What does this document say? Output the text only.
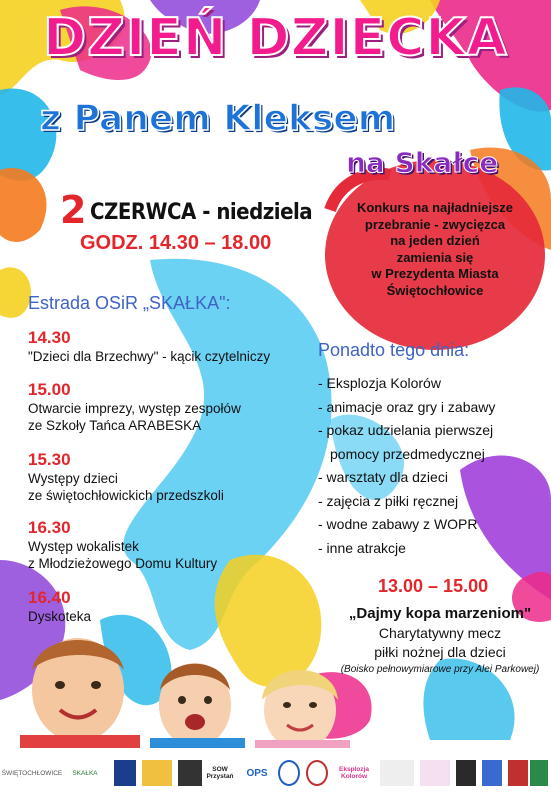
DZIEŃ DZIECKA
z Panem Kleksem
na Skałce
2 CZERWCA - niedziela
GODZ. 14.30 – 18.00
Konkurs na najładniejsze
przebranie - zwycięzca
na jeden dzień
zamienia się
w Prezydenta Miasta
Świętochłowice
Estrada OSiR „SKAŁKA":
14.30
"Dzieci dla Brzechwy" - kącik czytelniczy
15.00
Otwarcie imprezy, występ zespołów
ze Szkoły Tańca ARABESKA
15.30
Występy dzieci
ze świętochłowickich przedszkoli
16.30
Występ wokalistek
z Młodzieżowego Domu Kultury
16.40
Dyskoteka
Ponadto tego dnia:
- Eksplozja Kolorów
- animacje oraz gry i zabawy
- pokaz udzielania pierwszej
pomocy przedmedycznej
- warsztaty dla dzieci
- zajęcia z piłki ręcznej
- wodne zabawy z WOPR
- inne atrakcje
13.00 – 15.00
„Dajmy kopa marzeniom"
Charytatywny mecz
piłki nożnej dla dzieci
(Boisko pełnowymiarowe przy Alei Parkowej)
ŚWIĘTOCHŁOWICE SKAŁKA	SOW Przystań OPS	Eksplozja Kolorów
